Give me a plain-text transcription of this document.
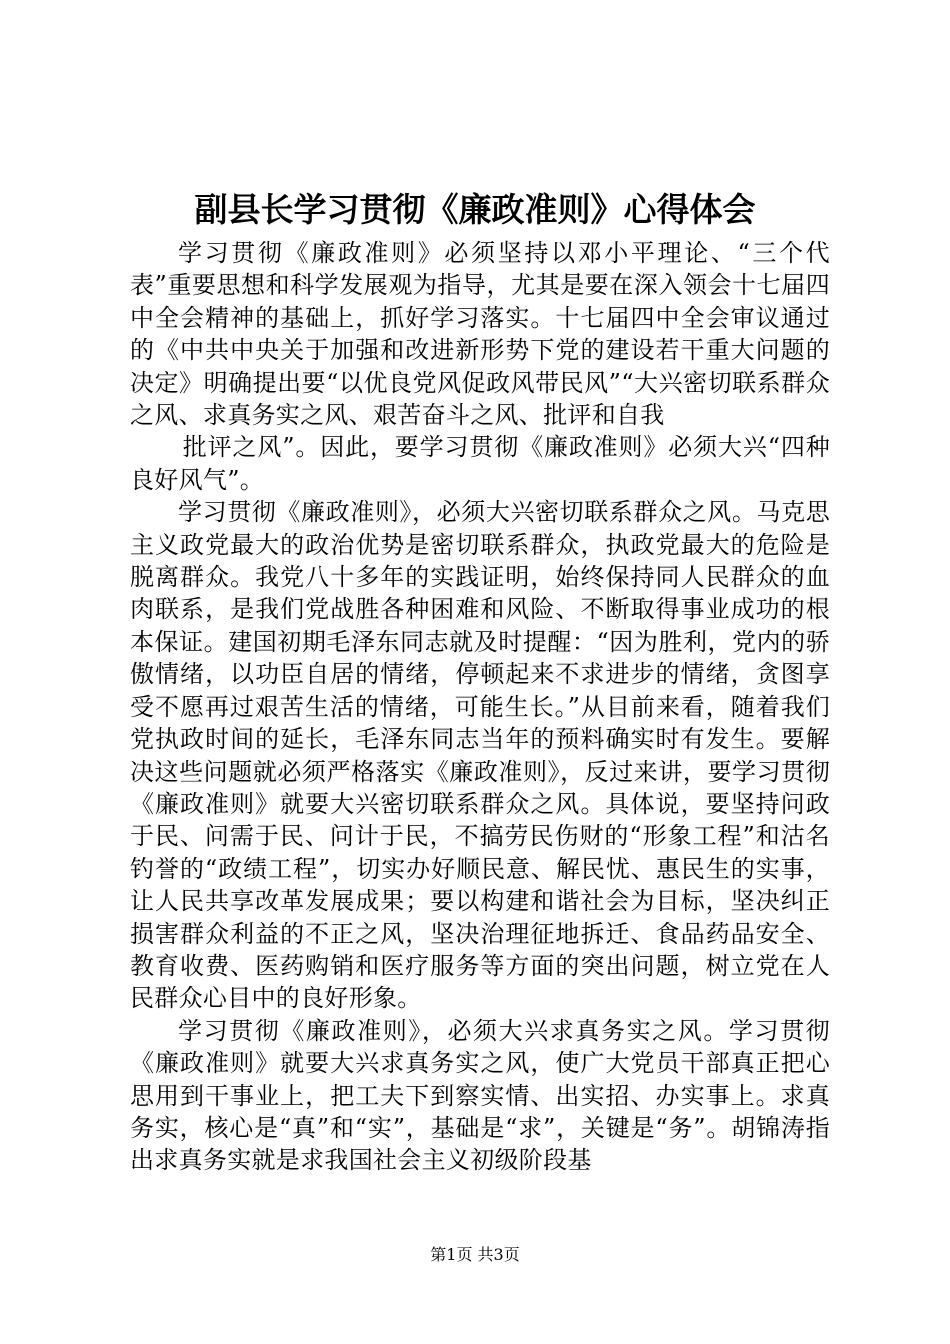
副县长学习贯彻《廉政准则》心得体会

学习贯彻《廉政准则》必须坚持以邓小平理论、“三个代表”重要思想和科学发展观为指导，尤其是要在深入领会十七届四中全会精神的基础上，抓好学习落实。十七届四中全会审议通过的《中共中央关于加强和改进新形势下党的建设若干重大问题的决定》明确提出要“以优良党风促政风带民风”“大兴密切联系群众之风、求真务实之风、艰苦奋斗之风、批评和自我

批评之风”。因此，要学习贯彻《廉政准则》必须大兴“四种良好风气”。

学习贯彻《廉政准则》，必须大兴密切联系群众之风。马克思主义政党最大的政治优势是密切联系群众，执政党最大的危险是脱离群众。我党八十多年的实践证明，始终保持同人民群众的血肉联系，是我们党战胜各种困难和风险、不断取得事业成功的根本保证。建国初期毛泽东同志就及时提醒：“因为胜利，党内的骄傲情绪，以功臣自居的情绪，停顿起来不求进步的情绪，贪图享受不愿再过艰苦生活的情绪，可能生长。”从目前来看，随着我们党执政时间的延长，毛泽东同志当年的预料确实时有发生。要解决这些问题就必须严格落实《廉政准则》，反过来讲，要学习贯彻《廉政准则》就要大兴密切联系群众之风。具体说，要坚持问政于民、问需于民、问计于民，不搞劳民伤财的“形象工程”和沽名钓誉的“政绩工程”，切实办好顺民意、解民忧、惠民生的实事，让人民共享改革发展成果；要以构建和谐社会为目标，坚决纠正损害群众利益的不正之风，坚决治理征地拆迁、食品药品安全、教育收费、医药购销和医疗服务等方面的突出问题，树立党在人民群众心目中的良好形象。

学习贯彻《廉政准则》，必须大兴求真务实之风。学习贯彻《廉政准则》就要大兴求真务实之风，使广大党员干部真正把心思用到干事业上，把工夫下到察实情、出实招、办实事上。求真务实，核心是“真”和“实”，基础是“求”，关键是“务”。胡锦涛指出求真务实就是求我国社会主义初级阶段基

第1页 共3页
